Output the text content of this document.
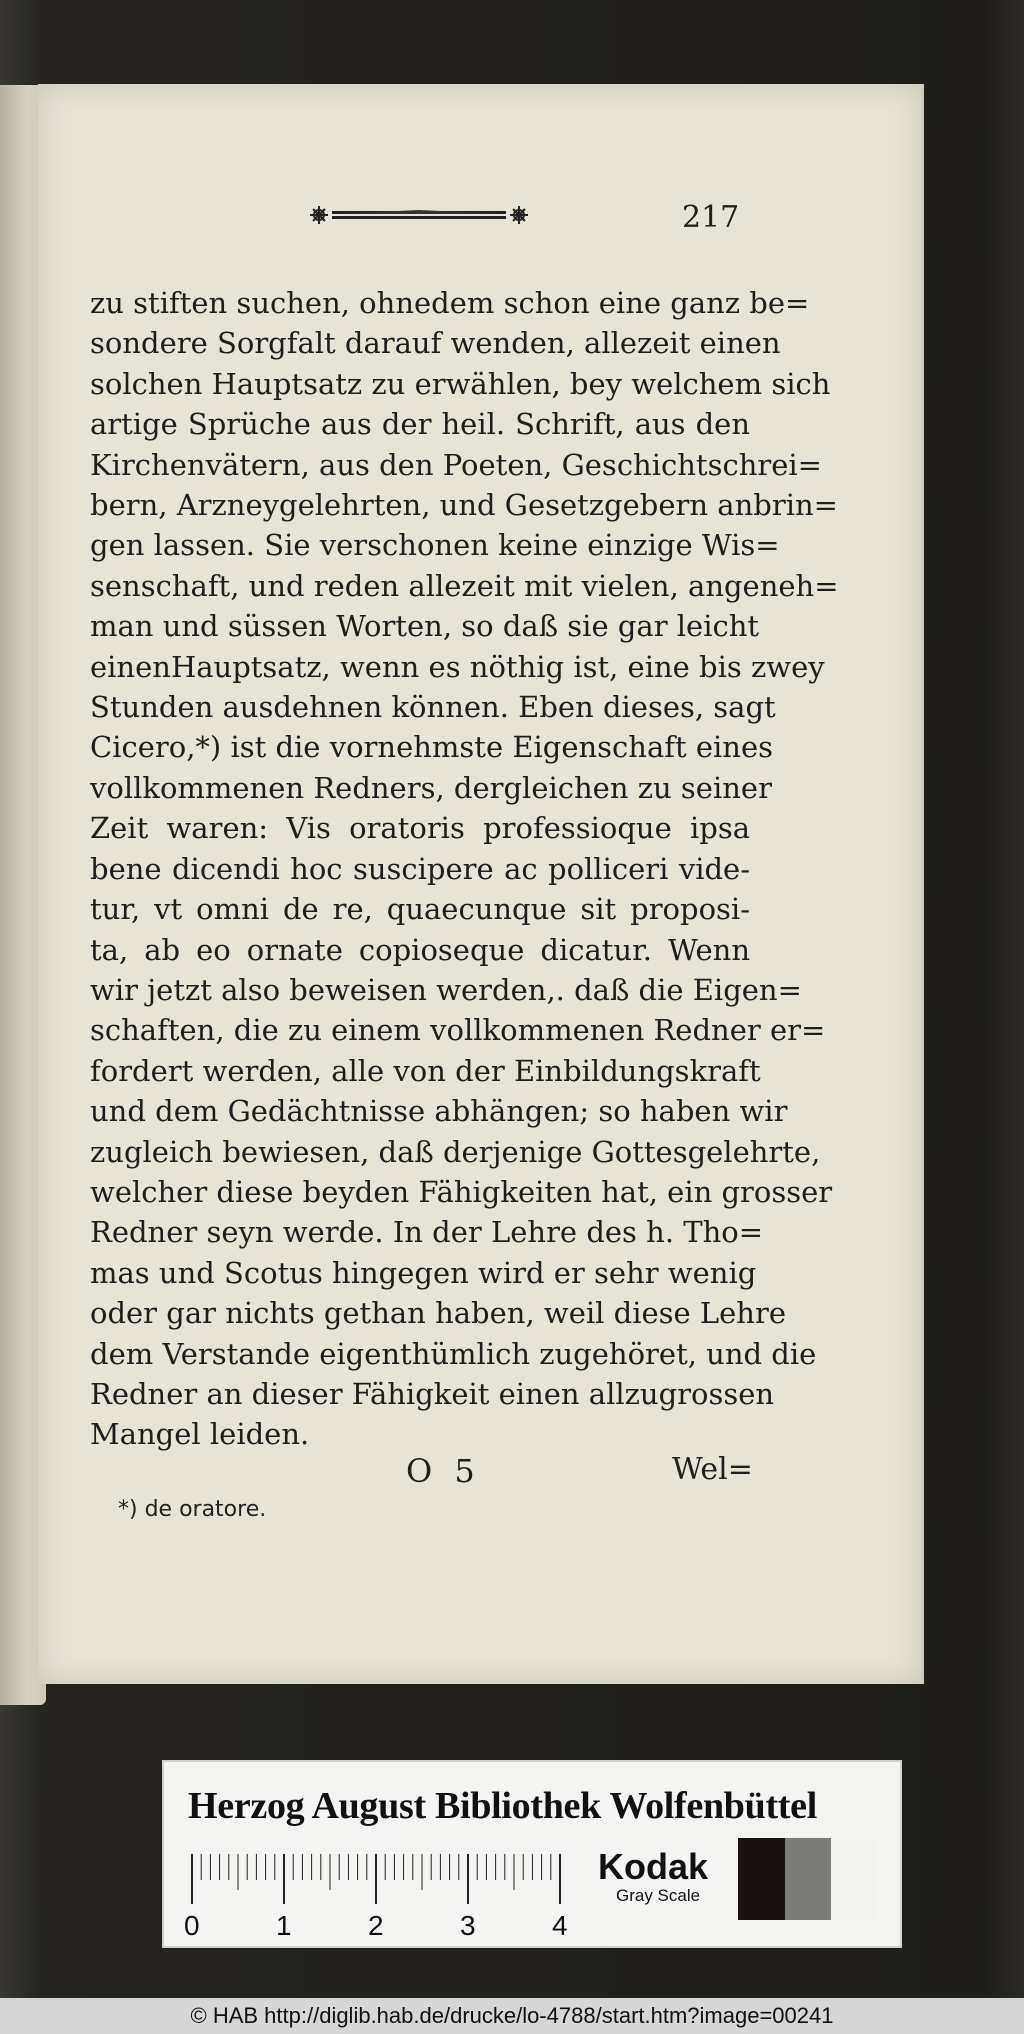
217
zu stiften suchen, ohnedem schon eine ganz be=
sondere Sorgfalt darauf wenden, allezeit einen
solchen Hauptsatz zu erwählen, bey welchem sich
artige Sprüche aus der heil. Schrift, aus den
Kirchenvätern, aus den Poeten, Geschichtschrei=
bern, Arzneygelehrten, und Gesetzgebern anbrin=
gen lassen. Sie verschonen keine einzige Wis=
senschaft, und reden allezeit mit vielen, angeneh=
man und süssen Worten, so daß sie gar leicht
einenHauptsatz, wenn es nöthig ist, eine bis zwey
Stunden ausdehnen können. Eben dieses, sagt
Cicero,*) ist die vornehmste Eigenschaft eines
vollkommenen Redners, dergleichen zu seiner
Zeit waren: Vis oratoris professioque ipsa
bene dicendi hoc suscipere ac polliceri vide-
tur, vt omni de re, quaecunque sit proposi-
ta, ab eo ornate copioseque dicatur. Wenn
wir jetzt also beweisen werden,. daß die Eigen=
schaften, die zu einem vollkommenen Redner er=
fordert werden, alle von der Einbildungskraft
und dem Gedächtnisse abhängen; so haben wir
zugleich bewiesen, daß derjenige Gottesgelehrte,
welcher diese beyden Fähigkeiten hat, ein grosser
Redner seyn werde. In der Lehre des h. Tho=
mas und Scotus hingegen wird er sehr wenig
oder gar nichts gethan haben, weil diese Lehre
dem Verstande eigenthümlich zugehöret, und die
Redner an dieser Fähigkeit einen allzugrossen
Mangel leiden.
O 5	Wel=
*) de oratore.
Herzog August Bibliothek Wolfenbüttel
0	1	2	3	4
Kodak
Gray Scale
© HAB http://diglib.hab.de/drucke/lo-4788/start.htm?image=00241
